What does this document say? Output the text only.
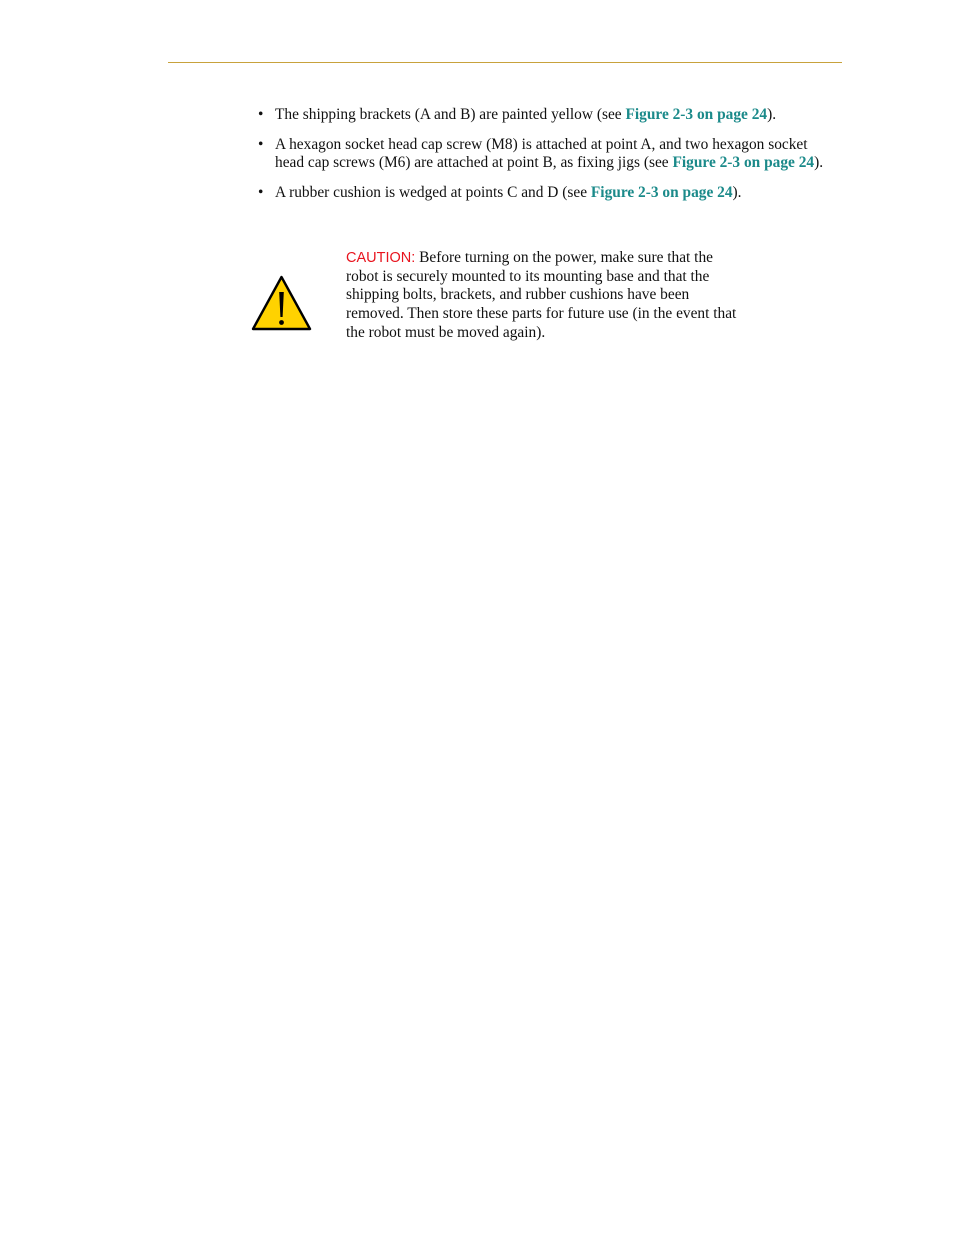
• The shipping brackets (A and B) are painted yellow (see Figure 2-3 on page 24).
• A hexagon socket head cap screw (M8) is attached at point A, and two hexagon socket head cap screws (M6) are attached at point B, as fixing jigs (see Figure 2-3 on page 24).
• A rubber cushion is wedged at points C and D (see Figure 2-3 on page 24).

CAUTION: Before turning on the power, make sure that the robot is securely mounted to its mounting base and that the shipping bolts, brackets, and rubber cushions have been removed. Then store these parts for future use (in the event that the robot must be moved again).
